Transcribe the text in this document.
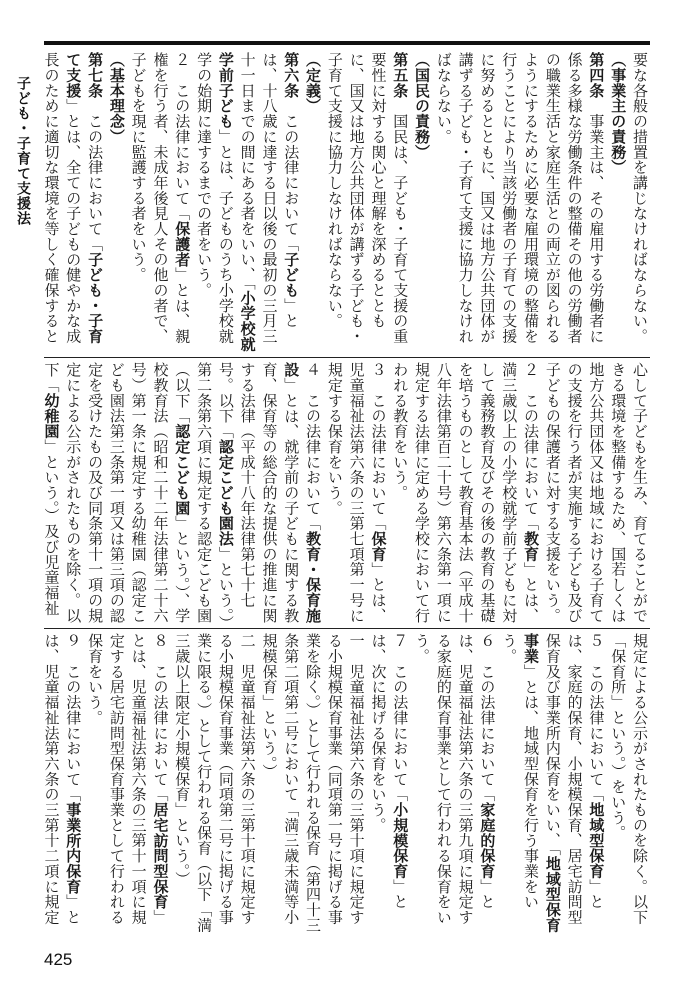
子ども・子育て支援法	要な各般の措置を講じなければならない。

（事業主の責務）

第四条　事業主は、その雇用する労働者に係る多様な労働条件の整備その他の労働者の職業生活と家庭生活との両立が図られるようにするために必要な雇用環境の整備を行うことにより当該労働者の子育ての支援に努めるとともに、国又は地方公共団体が講ずる子ども・子育て支援に協力しなければならない。

（国民の責務）

第五条　国民は、子ども・子育て支援の重要性に対する関心と理解を深めるとともに、国又は地方公共団体が講ずる子ども・子育て支援に協力しなければならない。

（定義）

第六条　この法律において「子ども」とは、十八歳に達する日以後の最初の三月三十一日までの間にある者をいい、「小学校就学前子ども」とは、子どものうち小学校就学の始期に達するまでの者をいう。

２　この法律において「保護者」とは、親権を行う者、未成年後見人その他の者で、子どもを現に監護する者をいう。

（基本理念）

第七条　この法律において「子ども・子育て支援」とは、全ての子どもの健やかな成長のために適切な環境を等しく確保すると

心して子どもを生み、育てることができる環境を整備するため、国若しくは地方公共団体又は地域における子育ての支援を行う者が実施する子ども及び子どもの保護者に対する支援をいう。

２　この法律において「教育」とは、満三歳以上の小学校就学前子どもに対して義務教育及びその後の教育の基礎を培うものとして教育基本法（平成十八年法律第百二十号）第六条第一項に規定する法律に定める学校において行われる教育をいう。

３　この法律において「保育」とは、児童福祉法第六条の三第七項第一号に規定する保育をいう。

４　この法律において「教育・保育施設」とは、就学前の子どもに関する教育、保育等の総合的な提供の推進に関する法律（平成十八年法律第七十七号。以下「認定こども園法」という。）第二条第六項に規定する認定こども園（以下「認定こども園」という。）、学校教育法（昭和二十二年法律第二十六号）第一条に規定する幼稚園（認定こども園法第三条第一項又は第三項の認定を受けたもの及び同条第十一項の規定による公示がされたものを除く。以下「幼稚園」という。）及び児童福祉

規定による公示がされたものを除く。以下「保育所」という。）をいう。

５　この法律において「地域型保育」とは、家庭的保育、小規模保育、居宅訪問型保育及び事業所内保育をいい、「地域型保育事業」とは、地域型保育を行う事業をいう。

６　この法律において「家庭的保育」とは、児童福祉法第六条の三第九項に規定する家庭的保育事業として行われる保育をいう。

７　この法律において「小規模保育」とは、次に掲げる保育をいう。

一　児童福祉法第六条の三第十項に規定する小規模保育事業（同項第一号に掲げる事業を除く。）として行われる保育（第四十三条第二項第二号において「満三歳未満等小規模保育」という。）

二　児童福祉法第六条の三第十項に規定する小規模保育事業（同項第二号に掲げる事業に限る。）として行われる保育（以下「満三歳以上限定小規模保育」という。）

８　この法律において「居宅訪問型保育」とは、児童福祉法第六条の三第十一項に規定する居宅訪問型保育事業として行われる保育をいう。

９　この法律において「事業所内保育」とは、児童福祉法第六条の三第十二項に規定

425
